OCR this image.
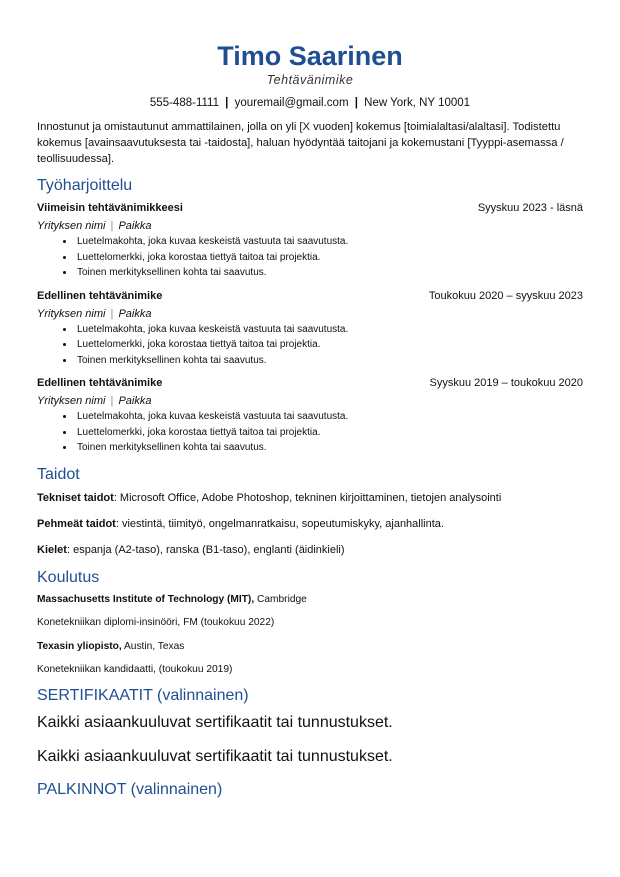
Timo Saarinen
Tehtävänimike
555-488-1111 | youremail@gmail.com | New York, NY 10001
Innostunut ja omistautunut ammattilainen, jolla on yli [X vuoden] kokemus [toimialaltasi/alaltasi]. Todistettu kokemus [avainsaavutuksesta tai -taidosta], haluan hyödyntää taitojani ja kokemustani [Tyyppi-asemassa / teollisuudessa].
Työharjoittelu
Viimeisin tehtävänimikkeesi	Syyskuu 2023 - läsnä
Yrityksen nimi | Paikka
• Luetelmakohta, joka kuvaa keskeistä vastuuta tai saavutusta.
• Luettelomerkki, joka korostaa tiettyä taitoa tai projektia.
• Toinen merkityksellinen kohta tai saavutus.
Edellinen tehtävänimike	Toukokuu 2020 – syyskuu 2023
Yrityksen nimi | Paikka
• Luetelmakohta, joka kuvaa keskeistä vastuuta tai saavutusta.
• Luettelomerkki, joka korostaa tiettyä taitoa tai projektia.
• Toinen merkityksellinen kohta tai saavutus.
Edellinen tehtävänimike	Syyskuu 2019 – toukokuu 2020
Yrityksen nimi | Paikka
• Luetelmakohta, joka kuvaa keskeistä vastuuta tai saavutusta.
• Luettelomerkki, joka korostaa tiettyä taitoa tai projektia.
• Toinen merkityksellinen kohta tai saavutus.
Taidot
Tekniset taidot: Microsoft Office, Adobe Photoshop, tekninen kirjoittaminen, tietojen analysointi
Pehmeät taidot: viestintä, tiimityö, ongelmanratkaisu, sopeutumiskyky, ajanhallinta.
Kielet: espanja (A2-taso), ranska (B1-taso), englanti (äidinkieli)
Koulutus
Massachusetts Institute of Technology (MIT), Cambridge
Konetekniikan diplomi-insinööri, FM (toukokuu 2022)
Texasin yliopisto, Austin, Texas
Konetekniikan kandidaatti, (toukokuu 2019)
SERTIFIKAATIT (valinnainen)
Kaikki asiaankuuluvat sertifikaatit tai tunnustukset.
Kaikki asiaankuuluvat sertifikaatit tai tunnustukset.
PALKINNOT (valinnainen)
